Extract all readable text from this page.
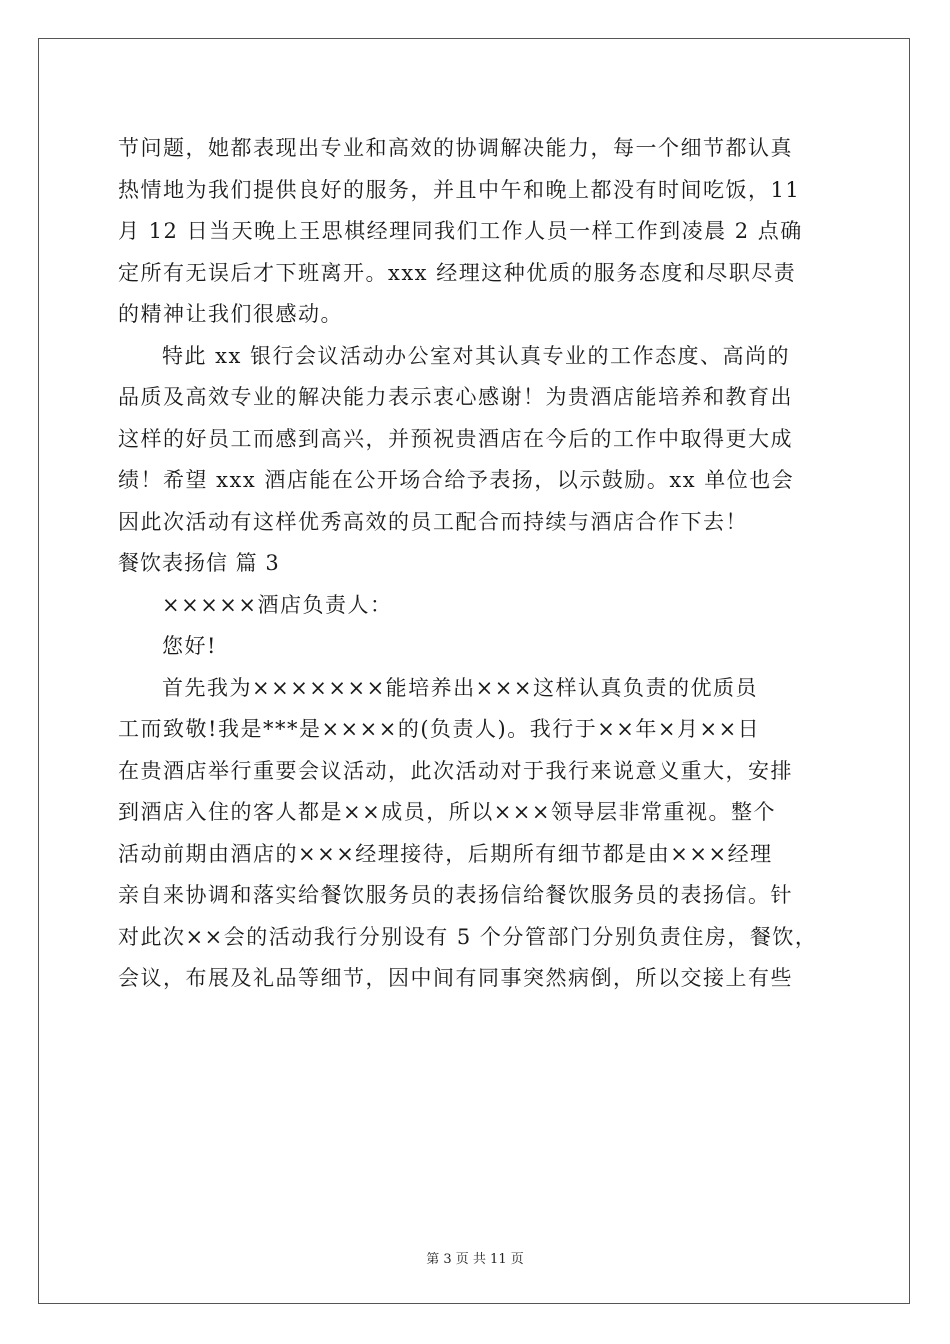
节问题，她都表现出专业和高效的协调解决能力，每一个细节都认真
热情地为我们提供良好的服务，并且中午和晚上都没有时间吃饭，11
月 12 日当天晚上王思棋经理同我们工作人员一样工作到凌晨 2 点确
定所有无误后才下班离开。xxx 经理这种优质的服务态度和尽职尽责
的精神让我们很感动。
特此 xx 银行会议活动办公室对其认真专业的工作态度、高尚的
品质及高效专业的解决能力表示衷心感谢！为贵酒店能培养和教育出
这样的好员工而感到高兴，并预祝贵酒店在今后的工作中取得更大成
绩！希望 xxx 酒店能在公开场合给予表扬，以示鼓励。xx 单位也会
因此次活动有这样优秀高效的员工配合而持续与酒店合作下去！
餐饮表扬信 篇 3
×××××酒店负责人：
您好!
首先我为×××××××能培养出×××这样认真负责的优质员
工而致敬!我是***是××××的(负责人)。我行于××年×月××日
在贵酒店举行重要会议活动，此次活动对于我行来说意义重大，安排
到酒店入住的客人都是××成员，所以×××领导层非常重视。整个
活动前期由酒店的×××经理接待，后期所有细节都是由×××经理
亲自来协调和落实给餐饮服务员的表扬信给餐饮服务员的表扬信。针
对此次××会的活动我行分别设有 5 个分管部门分别负责住房，餐饮，
会议，布展及礼品等细节，因中间有同事突然病倒，所以交接上有些
第 3 页 共 11 页
